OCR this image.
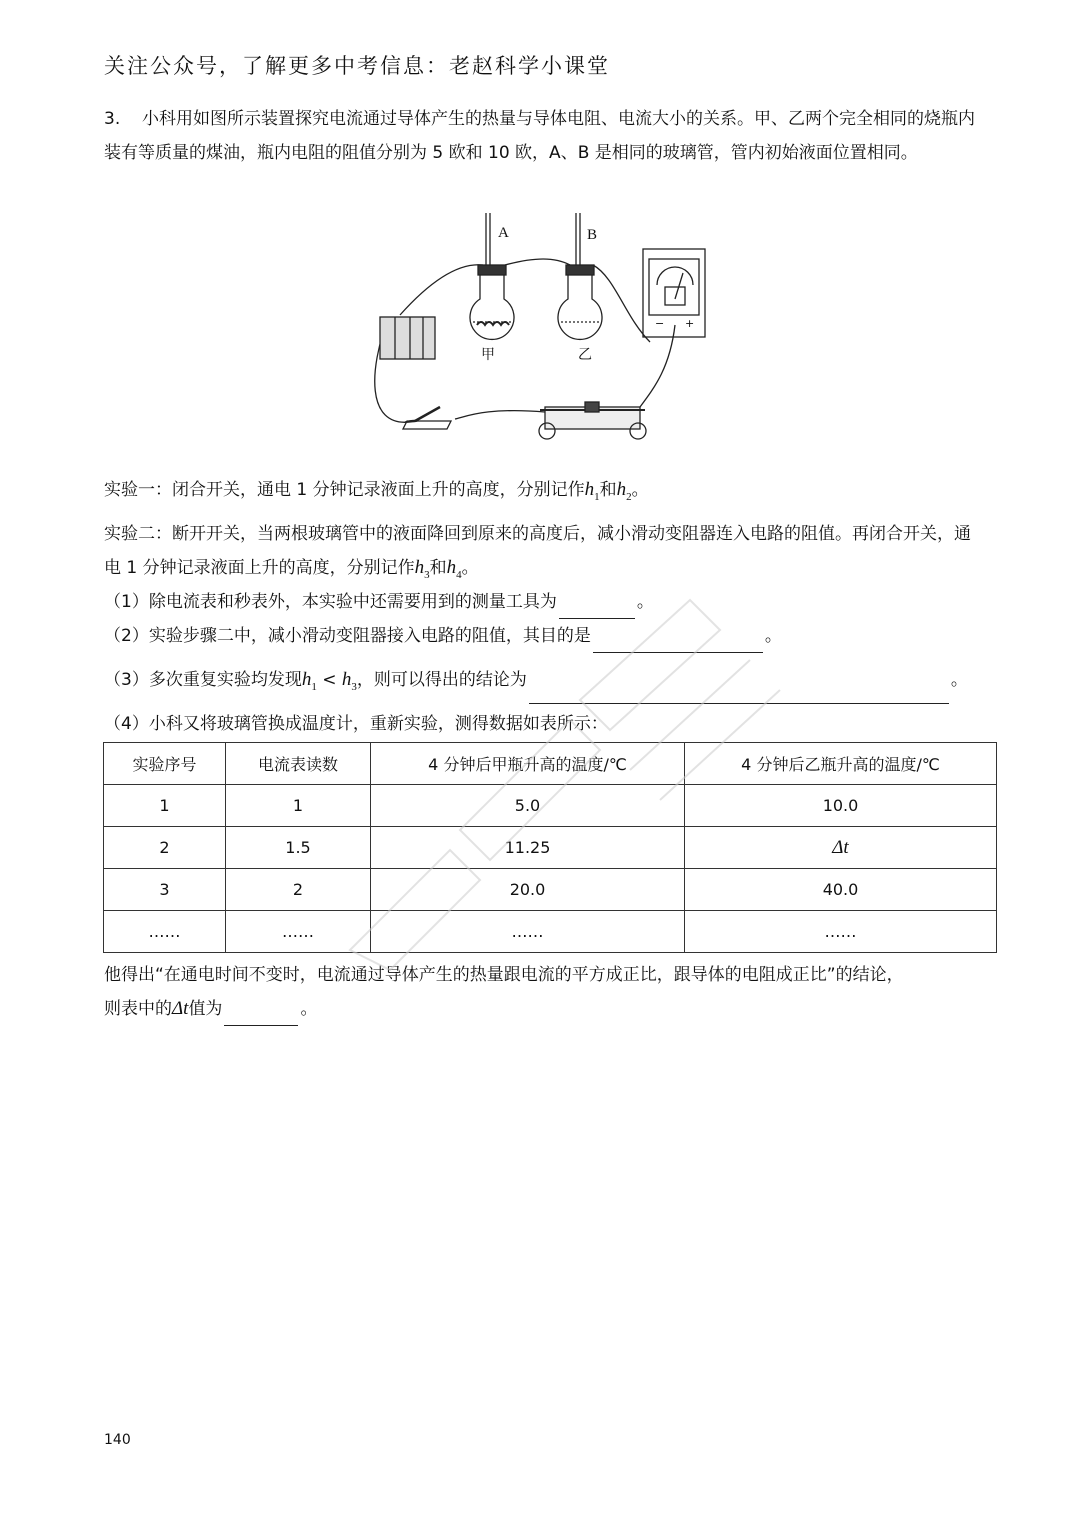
关注公众号，了解更多中考信息：老赵科学小课堂
3. 小科用如图所示装置探究电流通过导体产生的热量与导体电阻、电流大小的关系。甲、乙两个完全相同的烧瓶内装有等质量的煤油，瓶内电阻的阻值分别为 5 欧和 10 欧，A、B 是相同的玻璃管，管内初始液面位置相同。
A	B
甲	乙
− +
实验一：闭合开关，通电 1 分钟记录液面上升的高度，分别记作$h_1$和$h_2$。
实验二：断开开关，当两根玻璃管中的液面降回到原来的高度后，减小滑动变阻器连入电路的阻值。再闭合开关，通电 1 分钟记录液面上升的高度，分别记作$h_3$和$h_4$。
（1）除电流表和秒表外，本实验中还需要用到的测量工具为	。
（2）实验步骤二中，减小滑动变阻器接入电路的阻值，其目的是	。
（3）多次重复实验均发现$h_1 < h_3$，则可以得出的结论为	。
（4）小科又将玻璃管换成温度计，重新实验，测得数据如表所示：
实验序号	电流表读数	4 分钟后甲瓶升高的温度/℃	4 分钟后乙瓶升高的温度/℃
1	1	5.0	10.0
2	1.5	11.25	Δt
3	2	20.0	40.0
……	……	……	……
他得出“在通电时间不变时，电流通过导体产生的热量跟电流的平方成正比，跟导体的电阻成正比”的结论，
则表中的Δt值为	。
140
